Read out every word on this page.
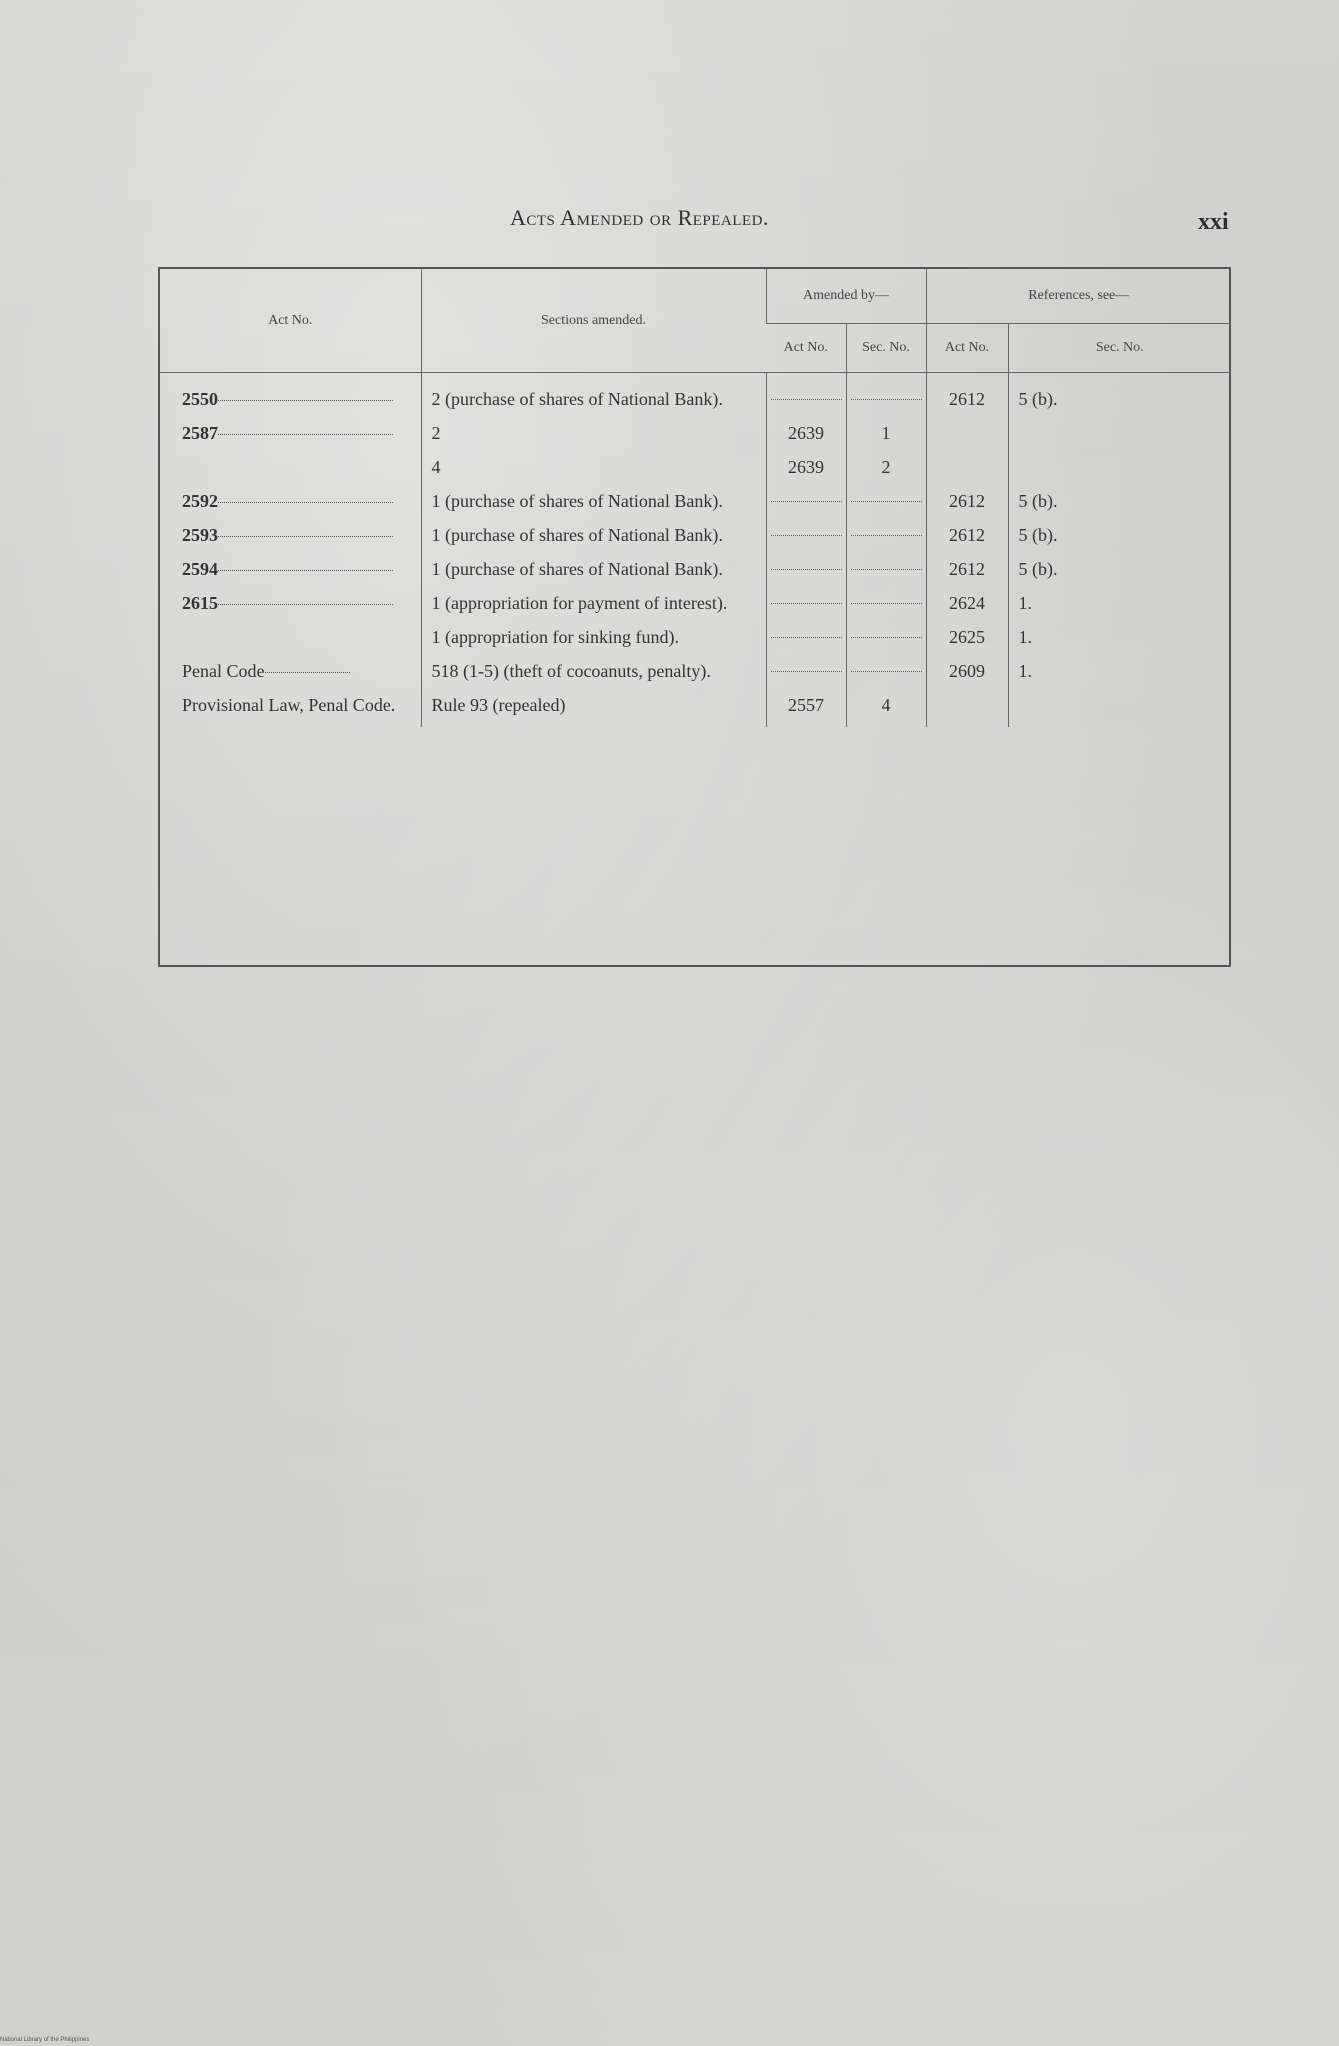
Acts Amended or Repealed.	xxi
Act No.	Sections amended.	Amended by—		References, see—	
		Act No.	Sec. No.	Act No.	Sec. No.

2550	2 (purchase of shares of National Bank).			2612	5 (b).
2587	2	2639	1		

	4	2639	2		
2592	1 (purchase of shares of National Bank).			2612	5 (b).
2593	1 (purchase of shares of National Bank).			2612	5 (b).
2594	1 (purchase of shares of National Bank).			2612	5 (b).
2615	1 (appropriation for payment of interest).			2624	1.

	1 (appropriation for sinking fund).			2625	1.
Penal Code	518 (1-5) (theft of cocoanuts, penalty).			2609	1.
Provisional Law, Penal Code.	Rule 93 (repealed)	2557	4		
National Library of the Philippines
